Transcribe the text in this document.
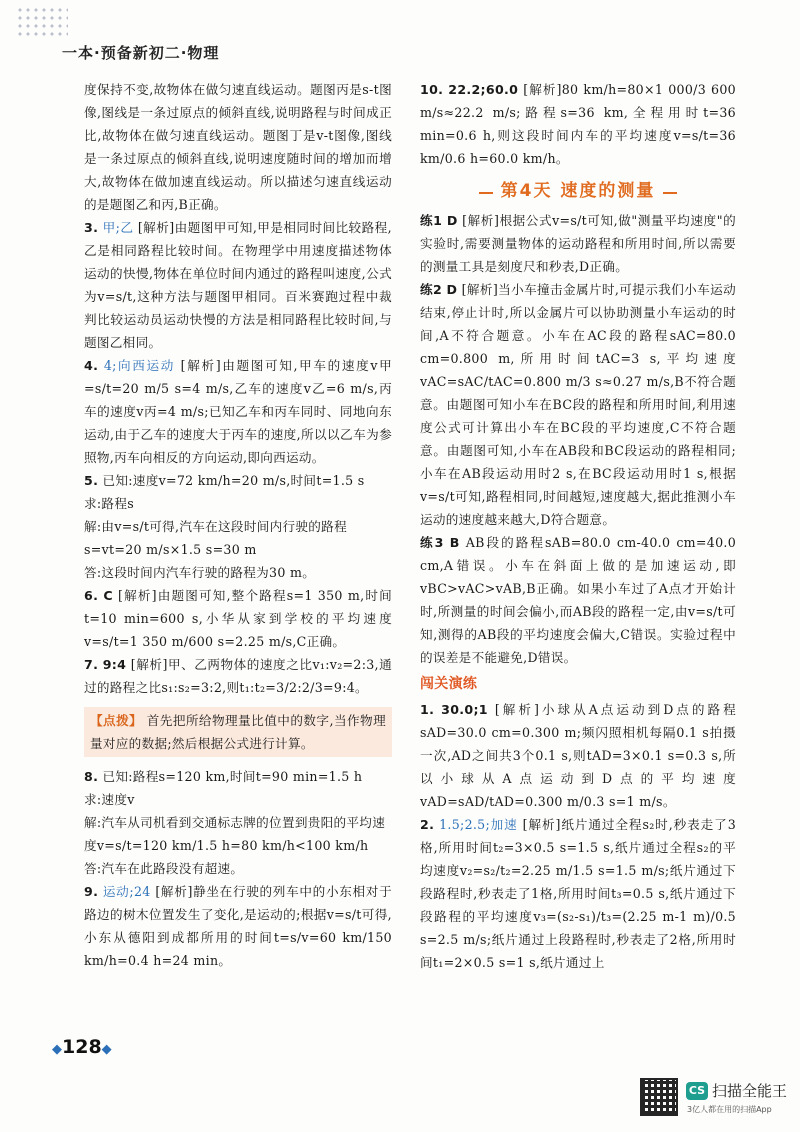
一本·预备新初二·物理

度保持不变,故物体在做匀速直线运动。题图丙是s-t图像,图线是一条过原点的倾斜直线,说明路程与时间成正比,故物体在做匀速直线运动。题图丁是v-t图像,图线是一条过原点的倾斜直线,说明速度随时间的增加而增大,故物体在做加速直线运动。所以描述匀速直线运动的是题图乙和丙,B正确。

3. 甲;乙 [解析]由题图甲可知,甲是相同时间比较路程,乙是相同路程比较时间。在物理学中用速度描述物体运动的快慢,物体在单位时间内通过的路程叫速度,公式为v=s/t,这种方法与题图甲相同。百米赛跑过程中裁判比较运动员运动快慢的方法是相同路程比较时间,与题图乙相同。

4. 4;向西运动 [解析]由题图可知,甲车的速度v甲=s/t=20 m/5 s=4 m/s,乙车的速度v乙=6 m/s,丙车的速度v丙=4 m/s;已知乙车和丙车同时、同地向东运动,由于乙车的速度大于丙车的速度,所以以乙车为参照物,丙车向相反的方向运动,即向西运动。

5. 已知:速度v=72 km/h=20 m/s,时间t=1.5 s
求:路程s
解:由v=s/t可得,汽车在这段时间内行驶的路程
s=vt=20 m/s×1.5 s=30 m
答:这段时间内汽车行驶的路程为30 m。

6. C [解析]由题图可知,整个路程s=1 350 m,时间t=10 min=600 s,小华从家到学校的平均速度v=s/t=1 350 m/600 s=2.25 m/s,C正确。

7. 9:4 [解析]甲、乙两物体的速度之比v₁:v₂=2:3,通过的路程之比s₁:s₂=3:2,则t₁:t₂=3/2:2/3=9:4。

【点拨】 首先把所给物理量比值中的数字,当作物理量对应的数据;然后根据公式进行计算。

8. 已知:路程s=120 km,时间t=90 min=1.5 h
求:速度v
解:汽车从司机看到交通标志牌的位置到贵阳的平均速度v=s/t=120 km/1.5 h=80 km/h<100 km/h
答:汽车在此路段没有超速。

9. 运动;24 [解析]静坐在行驶的列车中的小东相对于路边的树木位置发生了变化,是运动的;根据v=s/t可得,小东从德阳到成都所用的时间t=s/v=60 km/150 km/h=0.4 h=24 min。

10. 22.2;60.0 [解析]80 km/h=80×1 000/3 600 m/s≈22.2 m/s;路程s=36 km,全程用时t=36 min=0.6 h,则这段时间内车的平均速度v=s/t=36 km/0.6 h=60.0 km/h。

第4天 速度的测量

练1 D [解析]根据公式v=s/t可知,做"测量平均速度"的实验时,需要测量物体的运动路程和所用时间,所以需要的测量工具是刻度尺和秒表,D正确。

练2 D [解析]当小车撞击金属片时,可提示我们小车运动结束,停止计时,所以金属片可以协助测量小车运动的时间,A不符合题意。小车在AC段的路程sAC=80.0 cm=0.800 m,所用时间tAC=3 s,平均速度vAC=sAC/tAC=0.800 m/3 s≈0.27 m/s,B不符合题意。由题图可知小车在BC段的路程和所用时间,利用速度公式可计算出小车在BC段的平均速度,C不符合题意。由题图可知,小车在AB段和BC段运动的路程相同;小车在AB段运动用时2 s,在BC段运动用时1 s,根据v=s/t可知,路程相同,时间越短,速度越大,据此推测小车运动的速度越来越大,D符合题意。

练3 B AB段的路程sAB=80.0 cm-40.0 cm=40.0 cm,A错误。小车在斜面上做的是加速运动,即vBC>vAC>vAB,B正确。如果小车过了A点才开始计时,所测量的时间会偏小,而AB段的路程一定,由v=s/t可知,测得的AB段的平均速度会偏大,C错误。实验过程中的误差是不能避免,D错误。

闯关演练

1. 30.0;1 [解析]小球从A点运动到D点的路程sAD=30.0 cm=0.300 m;频闪照相机每隔0.1 s拍摄一次,AD之间共3个0.1 s,则tAD=3×0.1 s=0.3 s,所以小球从A点运动到D点的平均速度vAD=sAD/tAD=0.300 m/0.3 s=1 m/s。

2. 1.5;2.5;加速 [解析]纸片通过全程s₂时,秒表走了3格,所用时间t₂=3×0.5 s=1.5 s,纸片通过全程s₂的平均速度v₂=s₂/t₂=2.25 m/1.5 s=1.5 m/s;纸片通过下段路程时,秒表走了1格,所用时间t₃=0.5 s,纸片通过下段路程的平均速度v₃=(s₂-s₁)/t₃=(2.25 m-1 m)/0.5 s=2.5 m/s;纸片通过上段路程时,秒表走了2格,所用时间t₁=2×0.5 s=1 s,纸片通过上

◆128◆
CS 扫描全能王
3亿人都在用的扫描App
